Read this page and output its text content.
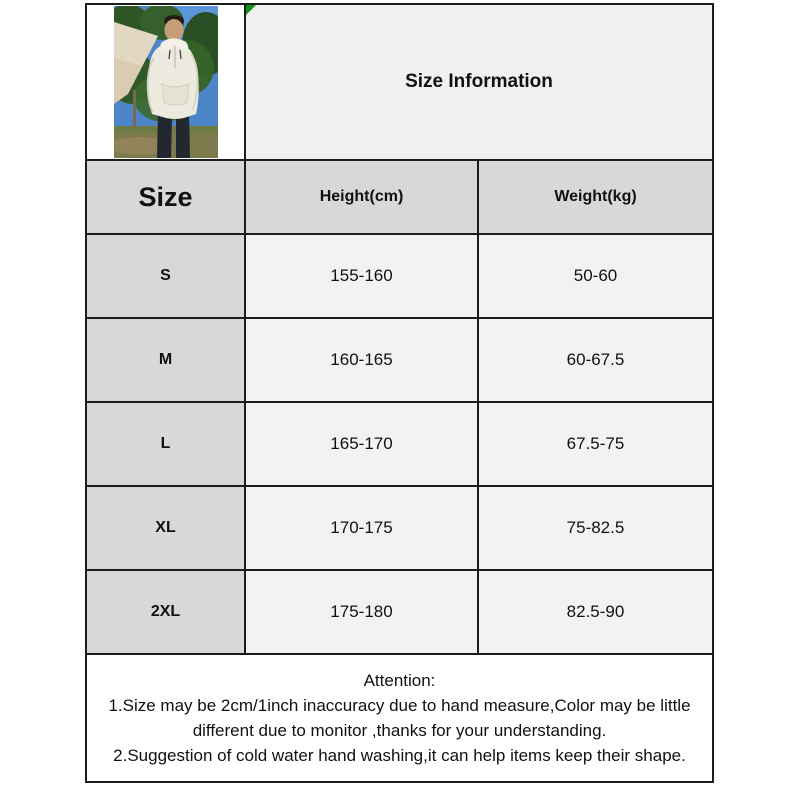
Size Information	
Size	Height(cm)	Weight(kg)
S	155-160	50-60
M	160-165	60-67.5
L	165-170	67.5-75
XL	170-175	75-82.5
2XL	175-180	82.5-90

Attention:
1.Size may be 2cm/1inch inaccuracy due to hand measure,Color may be little
different due to monitor ,thanks for your understanding.
2.Suggestion of cold water hand washing,it can help items keep their shape.		
